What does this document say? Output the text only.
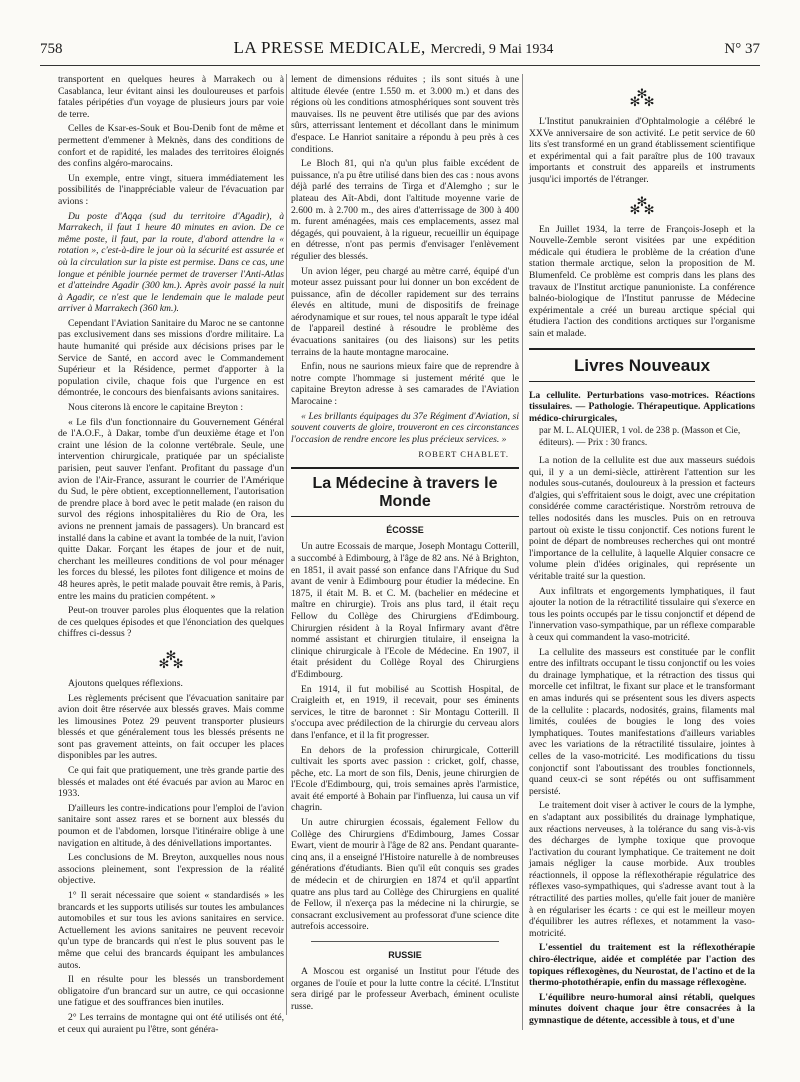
758	LA PRESSE MEDICALE, Mercredi, 9 Mai 1934	N° 37

transportent en quelques heures à Marrakech ou à Casablanca, leur évitant ainsi les douloureuses et parfois fatales péripéties d'un voyage de plusieurs jours par voie de terre.

Celles de Ksar-es-Souk et Bou-Denib font de même et permettent d'emmener à Meknès, dans des conditions de confort et de rapidité, les malades des territoires éloignés des confins algéro-marocains.

Un exemple, entre vingt, situera immédiatement les possibilités de l'inappréciable valeur de l'évacuation par avions :

Du poste d'Aqqa (sud du territoire d'Agadir), à Marrakech, il faut 1 heure 40 minutes en avion. De ce même poste, il faut, par la route, d'abord attendre la « rotation », c'est-à-dire le jour où la sécurité est assurée et où la circulation sur la piste est permise. Dans ce cas, une longue et pénible journée permet de traverser l'Anti-Atlas et d'atteindre Agadir (300 km.). Après avoir passé la nuit à Agadir, ce n'est que le lendemain que le malade peut arriver à Marrakech (360 km.).

Cependant l'Aviation Sanitaire du Maroc ne se cantonne pas exclusivement dans ses missions d'ordre militaire. La haute humanité qui préside aux décisions prises par le Service de Santé, en accord avec le Commandement Supérieur et la Résidence, permet d'apporter à la population civile, chaque fois que l'urgence en est démontrée, le concours des bienfaisants avions sanitaires.

Nous citerons là encore le capitaine Breyton :

« Le fils d'un fonctionnaire du Gouvernement Général de l'A.O.F., à Dakar, tombe d'un deuxième étage et l'on craint une lésion de la colonne vertébrale. Seule, une intervention chirurgicale, pratiquée par un spécialiste parisien, peut sauver l'enfant. Profitant du passage d'un avion de l'Air-France, assurant le courrier de l'Amérique du Sud, le père obtient, exceptionnellement, l'autorisation de prendre place à bord avec le petit malade (en raison du survol des régions inhospitalières du Rio de Ora, les avions ne prennent jamais de passagers). Un brancard est installé dans la cabine et avant la tombée de la nuit, l'avion quitte Dakar. Forçant les étapes de jour et de nuit, cherchant les meilleures conditions de vol pour ménager les forces du blessé, les pilotes font diligence et moins de 48 heures après, le petit malade pouvait être remis, à Paris, entre les mains du praticien compétent. »

Peut-on trouver paroles plus éloquentes que la relation de ces quelques épisodes et que l'énonciation des quelques chiffres ci-dessus ?

✻
✻ ✻

Ajoutons quelques réflexions.

Les règlements précisent que l'évacuation sanitaire par avion doit être réservée aux blessés graves. Mais comme les limousines Potez 29 peuvent transporter plusieurs blessés et que généralement tous les blessés présents ne sont pas gravement atteints, on fait occuper les places disponibles par les autres.

Ce qui fait que pratiquement, une très grande partie des blessés et malades ont été évacués par avion au Maroc en 1933.

D'ailleurs les contre-indications pour l'emploi de l'avion sanitaire sont assez rares et se bornent aux blessés du poumon et de l'abdomen, lorsque l'itinéraire oblige à une navigation en altitude, à des dénivellations importantes.

Les conclusions de M. Breyton, auxquelles nous nous associons pleinement, sont l'expression de la réalité objective.

1° Il serait nécessaire que soient « standardisés » les brancards et les supports utilisés sur toutes les ambulances automobiles et sur tous les avions sanitaires en service. Actuellement les avions sanitaires ne peuvent recevoir qu'un type de brancards qui n'est le plus souvent pas le même que celui des brancards équipant les ambulances autos.

Il en résulte pour les blessés un transbordement obligatoire d'un brancard sur un autre, ce qui occasionne une fatigue et des souffrances bien inutiles.

2° Les terrains de montagne qui ont été utilisés ont été, et ceux qui auraient pu l'être, sont généra-

lement de dimensions réduites ; ils sont situés à une altitude élevée (entre 1.550 m. et 3.000 m.) et dans des régions où les conditions atmosphériques sont souvent très mauvaises. Ils ne peuvent être utilisés que par des avions sûrs, atterrissant lentement et décollant dans le minimum d'espace. Le Hanriot sanitaire a répondu à peu près à ces conditions.

Le Bloch 81, qui n'a qu'un plus faible excédent de puissance, n'a pu être utilisé dans bien des cas : nous avons déjà parlé des terrains de Tirga et d'Alemgho ; sur le plateau des Aït-Abdi, dont l'altitude moyenne varie de 2.600 m. à 2.700 m., des aires d'atterrissage de 300 à 400 m. furent aménagées, mais ces emplacements, assez mal dégagés, qui pouvaient, à la rigueur, recueillir un équipage en détresse, n'ont pas permis d'envisager l'enlèvement régulier des blessés.

Un avion léger, peu chargé au mètre carré, équipé d'un moteur assez puissant pour lui donner un bon excédent de puissance, afin de décoller rapidement sur des terrains élevés en altitude, muni de dispositifs de freinage aérodynamique et sur roues, tel nous apparaît le type idéal de l'appareil destiné à résoudre le problème des évacuations sanitaires (ou des liaisons) sur les petits terrains de la haute montagne marocaine.

Enfin, nous ne saurions mieux faire que de reprendre à notre compte l'hommage si justement mérité que le capitaine Breyton adresse à ses camarades de l'Aviation Marocaine :

« Les brillants équipages du 37e Régiment d'Aviation, si souvent couverts de gloire, trouveront en ces circonstances l'occasion de rendre encore les plus précieux services. »

ROBERT CHABLET.
La Médecine à travers le Monde
ÉCOSSE

Un autre Ecossais de marque, Joseph Montagu Cotterill, a succombé à Edimbourg, à l'âge de 82 ans. Né à Brighton, en 1851, il avait passé son enfance dans l'Afrique du Sud avant de venir à Edimbourg pour étudier la médecine. En 1875, il était M. B. et C. M. (bachelier en médecine et maître en chirurgie). Trois ans plus tard, il était reçu Fellow du Collège des Chirurgiens d'Edimbourg. Chirurgien résident à la Royal Infirmary avant d'être nommé assistant et chirurgien titulaire, il enseigna la clinique chirurgicale à l'Ecole de Médecine. En 1907, il était président du Collège Royal des Chirurgiens d'Edimbourg.

En 1914, il fut mobilisé au Scottish Hospital, de Craigleith et, en 1919, il recevait, pour ses éminents services, le titre de baronnet : Sir Montagu Cotterill. Il s'occupa avec prédilection de la chirurgie du cerveau alors dans l'enfance, et il la fit progresser.

En dehors de la profession chirurgicale, Cotterill cultivait les sports avec passion : cricket, golf, chasse, pêche, etc. La mort de son fils, Denis, jeune chirurgien de l'Ecole d'Edimbourg, qui, trois semaines après l'armistice, avait été emporté à Bohain par l'influenza, lui causa un vif chagrin.

Un autre chirurgien écossais, également Fellow du Collège des Chirurgiens d'Edimbourg, James Cossar Ewart, vient de mourir à l'âge de 82 ans. Pendant quarante-cinq ans, il a enseigné l'Histoire naturelle à de nombreuses générations d'étudiants. Bien qu'il eût conquis ses grades de médecin et de chirurgien en 1874 et qu'il appartînt quatre ans plus tard au Collège des Chirurgiens en qualité de Fellow, il n'exerça pas la médecine ni la chirurgie, se consacrant exclusivement au professorat d'une science dite autrefois accessoire.

RUSSIE

A Moscou est organisé un Institut pour l'étude des organes de l'ouïe et pour la lutte contre la cécité. L'Institut sera dirigé par le professeur Averbach, éminent oculiste russe.

✻
✻ ✻

L'Institut panukrainien d'Ophtalmologie a célébré le XXVe anniversaire de son activité. Le petit service de 60 lits s'est transformé en un grand établissement scientifique et expérimental qui a fait paraître plus de 100 travaux importants et construit des appareils et instruments jusqu'ici importés de l'étranger.

✻
✻ ✻

En Juillet 1934, la terre de François-Joseph et la Nouvelle-Zemble seront visitées par une expédition médicale qui étudiera le problème de la création d'une station thermale arctique, selon la proposition de M. Blumenfeld. Ce problème est compris dans les plans des travaux de l'Institut arctique panunioniste. La conférence balnéo-biologique de l'Institut panrusse de Médecine expérimentale a créé un bureau arctique spécial qui étudiera l'action des conditions arctiques sur l'organisme sain et malade.

Livres Nouveaux
La cellulite. Perturbations vaso-motrices. Réactions tissulaires. — Pathologie. Thérapeutique. Applications médico-chirurgicales,
par M. L. ALQUIER, 1 vol. de 238 p. (Masson et Cie, éditeurs). — Prix : 30 francs.

La notion de la cellulite est due aux masseurs suédois qui, il y a un demi-siècle, attirèrent l'attention sur les nodules sous-cutanés, douloureux à la pression et facteurs d'algies, qui s'effritaient sous le doigt, avec une crépitation considérée comme caractéristique. Norström retrouva de telles nodosités dans les muscles. Puis on en retrouva partout où existe le tissu conjonctif. Ces notions furent le point de départ de nombreuses recherches qui ont montré l'importance de la cellulite, à laquelle Alquier consacre ce volume plein d'idées originales, qui représente un véritable traité sur la question.

Aux infiltrats et engorgements lymphatiques, il faut ajouter la notion de la rétractilité tissulaire qui s'exerce en tous les points occupés par le tissu conjonctif et dépend de l'innervation vaso-sympathique, par un réflexe comparable à ceux qui commandent la vaso-motricité.

La cellulite des masseurs est constituée par le conflit entre des infiltrats occupant le tissu conjonctif ou les voies du drainage lymphatique, et la rétraction des tissus qui morcelle cet infiltrat, le fixant sur place et le transformant en amas indurés qui se présentent sous les divers aspects de la cellulite : placards, nodosités, grains, filaments mal limités, coulées de bougies le long des voies lymphatiques. Toutes manifestations d'ailleurs variables avec les variations de la rétractilité tissulaire, jointes à celles de la vaso-motricité. Les modifications du tissu conjonctif sont l'aboutissant des troubles fonctionnels, quand ceux-ci se sont répétés ou ont suffisamment persisté.

Le traitement doit viser à activer le cours de la lymphe, en s'adaptant aux possibilités du drainage lymphatique, aux réactions nerveuses, à la tolérance du sang vis-à-vis des décharges de lymphe toxique que provoque l'activation du courant lymphatique. Ce traitement ne doit jamais négliger la cause morbide. Aux troubles réactionnels, il oppose la réflexothérapie régulatrice des réflexes vaso-sympathiques, qui s'adresse avant tout à la rétractilité des parties molles, qu'elle fait jouer de manière à en régulariser les écarts : ce qui est le meilleur moyen d'équilibrer les autres réflexes, et notamment la vaso-motricité.

L'essentiel du traitement est la réflexothérapie chiro-électrique, aidée et complétée par l'action des topiques réflexogènes, du Neurostat, de l'actino et de la thermo-photothérapie, enfin du massage réflexogène.

L'équilibre neuro-humoral ainsi rétabli, quelques minutes doivent chaque jour être consacrées à la gymnastique de détente, accessible à tous, et d'une
